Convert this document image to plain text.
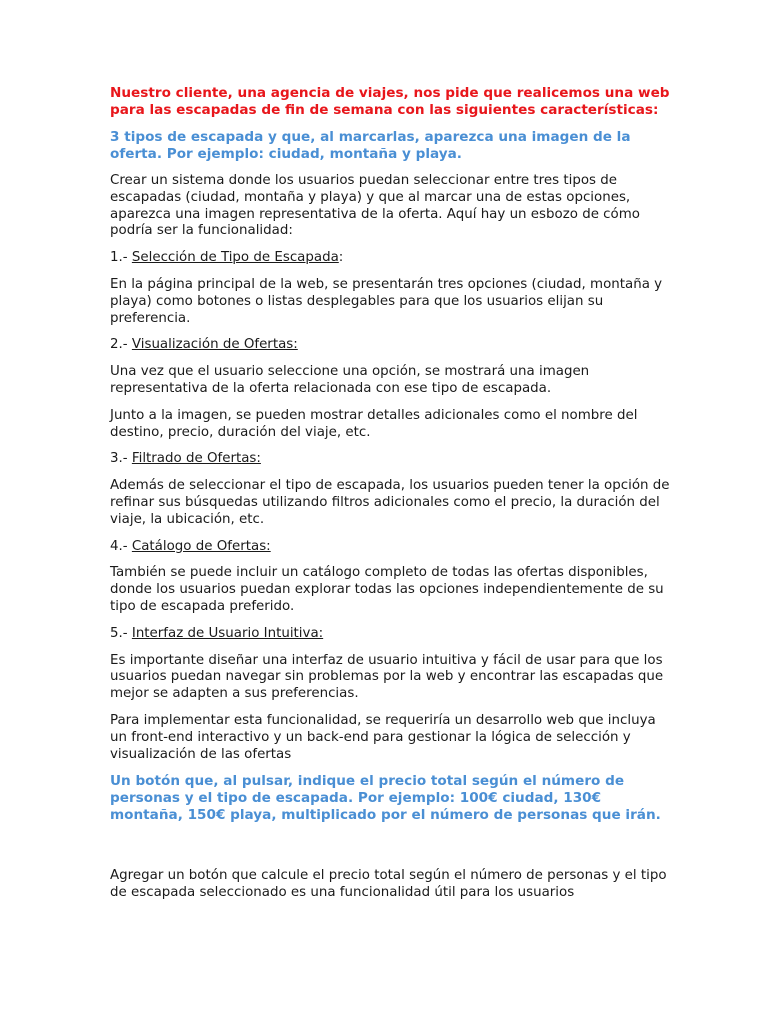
Nuestro cliente, una agencia de viajes, nos pide que realicemos una web para las escapadas de fin de semana con las siguientes características:

3 tipos de escapada y que, al marcarlas, aparezca una imagen de la oferta. Por ejemplo: ciudad, montaña y playa.

Crear un sistema donde los usuarios puedan seleccionar entre tres tipos de escapadas (ciudad, montaña y playa) y que al marcar una de estas opciones, aparezca una imagen representativa de la oferta. Aquí hay un esbozo de cómo podría ser la funcionalidad:

1.- Selección de Tipo de Escapada:

En la página principal de la web, se presentarán tres opciones (ciudad, montaña y playa) como botones o listas desplegables para que los usuarios elijan su preferencia.

2.- Visualización de Ofertas:

Una vez que el usuario seleccione una opción, se mostrará una imagen representativa de la oferta relacionada con ese tipo de escapada.

Junto a la imagen, se pueden mostrar detalles adicionales como el nombre del destino, precio, duración del viaje, etc.

3.- Filtrado de Ofertas:

Además de seleccionar el tipo de escapada, los usuarios pueden tener la opción de refinar sus búsquedas utilizando filtros adicionales como el precio, la duración del viaje, la ubicación, etc.

4.- Catálogo de Ofertas:

También se puede incluir un catálogo completo de todas las ofertas disponibles, donde los usuarios puedan explorar todas las opciones independientemente de su tipo de escapada preferido.

5.- Interfaz de Usuario Intuitiva:

Es importante diseñar una interfaz de usuario intuitiva y fácil de usar para que los usuarios puedan navegar sin problemas por la web y encontrar las escapadas que mejor se adapten a sus preferencias.

Para implementar esta funcionalidad, se requeriría un desarrollo web que incluya un front-end interactivo y un back-end para gestionar la lógica de selección y visualización de las ofertas

Un botón que, al pulsar, indique el precio total según el número de personas y el tipo de escapada. Por ejemplo: 100€ ciudad, 130€ montaña, 150€ playa, multiplicado por el número de personas que irán.

Agregar un botón que calcule el precio total según el número de personas y el tipo de escapada seleccionado es una funcionalidad útil para los usuarios
